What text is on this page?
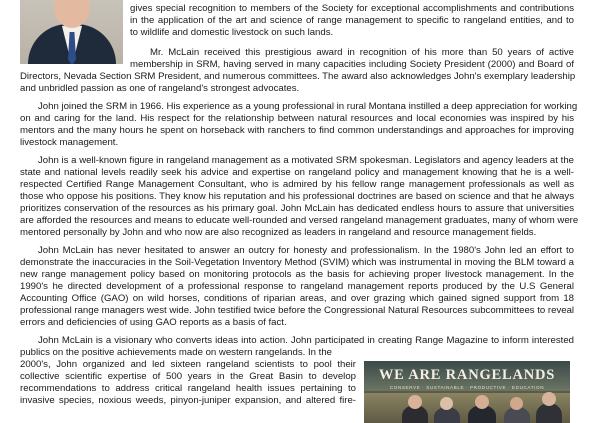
gives special recognition to members of the Society for exceptional accomplishments and contributions

in the application of the art and science of range management to specific to rangeland entities, and to

to wildlife and domestic livestock on such lands.

Mr. McLain received this prestigious award in recognition of his more than 50 years of active

membership in SRM, having served in many capacities including Society President (2000) and Board of

Directors, Nevada Section SRM President, and numerous committees. The award also acknowledges John's exemplary leadership

and unbridled passion as one of rangeland's strongest advocates.

John joined the SRM in 1966. His experience as a young professional in rural Montana instilled a deep appreciation for working

on and caring for the land. His respect for the relationship between natural resources and local economies was inspired by his

mentors and the many hours he spent on horseback with ranchers to find common understandings and approaches for improving

livestock management.

John is a well-known figure in rangeland management as a motivated SRM spokesman. Legislators and agency leaders at the

state and national levels readily seek his advice and expertise on rangeland policy and management knowing that he is a well-

respected Certified Range Management Consultant, who is admired by his fellow range management professionals as well as

those who oppose his positions. They know his reputation and his professional doctrines are based on science and that he always

prioritizes conservation of the resources as his primary goal. John McLain has dedicated endless hours to assure that universities

are afforded the resources and means to educate well-rounded and versed rangeland management graduates, many of whom were

mentored personally by John and who now are also recognized as leaders in rangeland and resource management fields.

John McLain has never hesitated to answer an outcry for honesty and professionalism. In the 1980's John led an effort to

demonstrate the inaccuracies in the Soil-Vegetation Inventory Method (SVIM) which was instrumental in moving the BLM toward a

new range management policy based on monitoring protocols as the basis for achieving proper livestock management. In the

1990's he directed development of a professional response to rangeland management reports produced by the U.S General

Accounting Office (GAO) on wild horses, conditions of riparian areas, and over grazing which gained signed support from 18

professional range managers west wide. John testified twice before the Congressional Natural Resources subcommittees to reveal

errors and deficiencies of using GAO reports as a basis of fact.

John McLain is a visionary who converts ideas into action. John participated in creating Range Magazine to inform interested

publics on the positive achievements made on western rangelands. In the

2000's, John organized and led sixteen rangeland scientists to pool their

collective scientific expertise of 500 years in the Great Basin to develop

recommendations to address critical rangeland health issues pertaining to

invasive species, noxious weeds, pinyon-juniper expansion, and altered fire-

WE ARE RANGELANDS
CONSERVE · SUSTAINABLE · PRODUCTIVE · EDUCATION
